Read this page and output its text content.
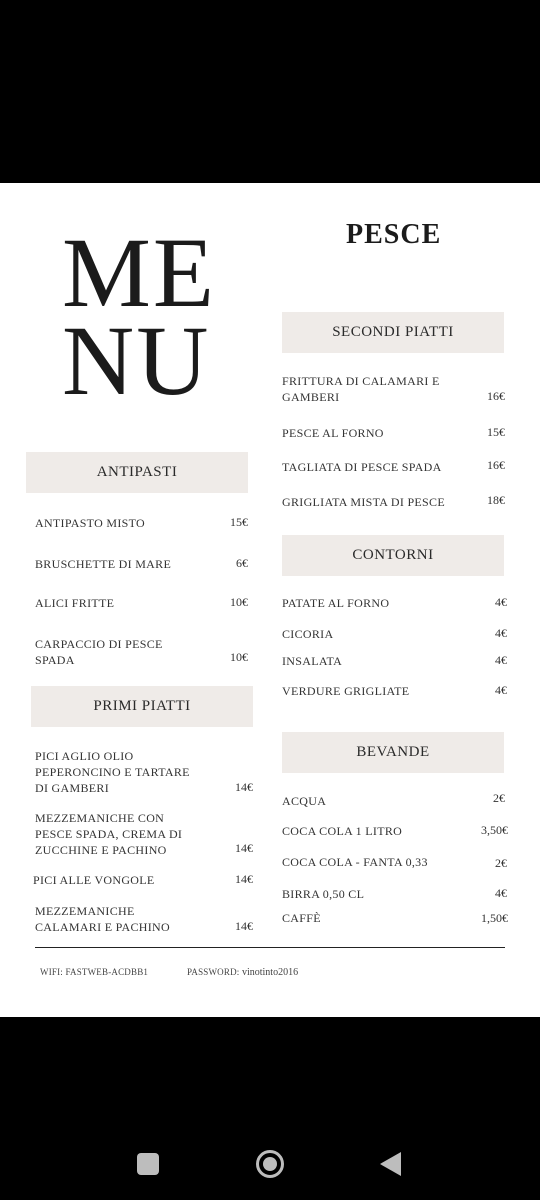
ME
NU
PESCE
ANTIPASTI
ANTIPASTO MISTO	15€
BRUSCHETTE DI MARE	6€
ALICI FRITTE	10€
CARPACCIO DI PESCE SPADA	10€
PRIMI PIATTI
PICI AGLIO OLIO PEPERONCINO E TARTARE DI GAMBERI	14€
MEZZEMANICHE CON PESCE SPADA, CREMA DI ZUCCHINE E PACHINO	14€
PICI ALLE VONGOLE	14€
MEZZEMANICHE CALAMARI E PACHINO	14€
SECONDI PIATTI
FRITTURA DI CALAMARI E GAMBERI	16€
PESCE AL FORNO	15€
TAGLIATA DI PESCE SPADA	16€
GRIGLIATA MISTA DI PESCE	18€
CONTORNI
PATATE AL FORNO	4€
CICORIA	4€
INSALATA	4€
VERDURE GRIGLIATE	4€
BEVANDE
ACQUA	2€
COCA COLA 1 LITRO	3,50€
COCA COLA - FANTA 0,33	2€
BIRRA 0,50 CL	4€
CAFFÈ	1,50€
WIFI: FASTWEB-ACDBB1	PASSWORD: vinotinto2016
